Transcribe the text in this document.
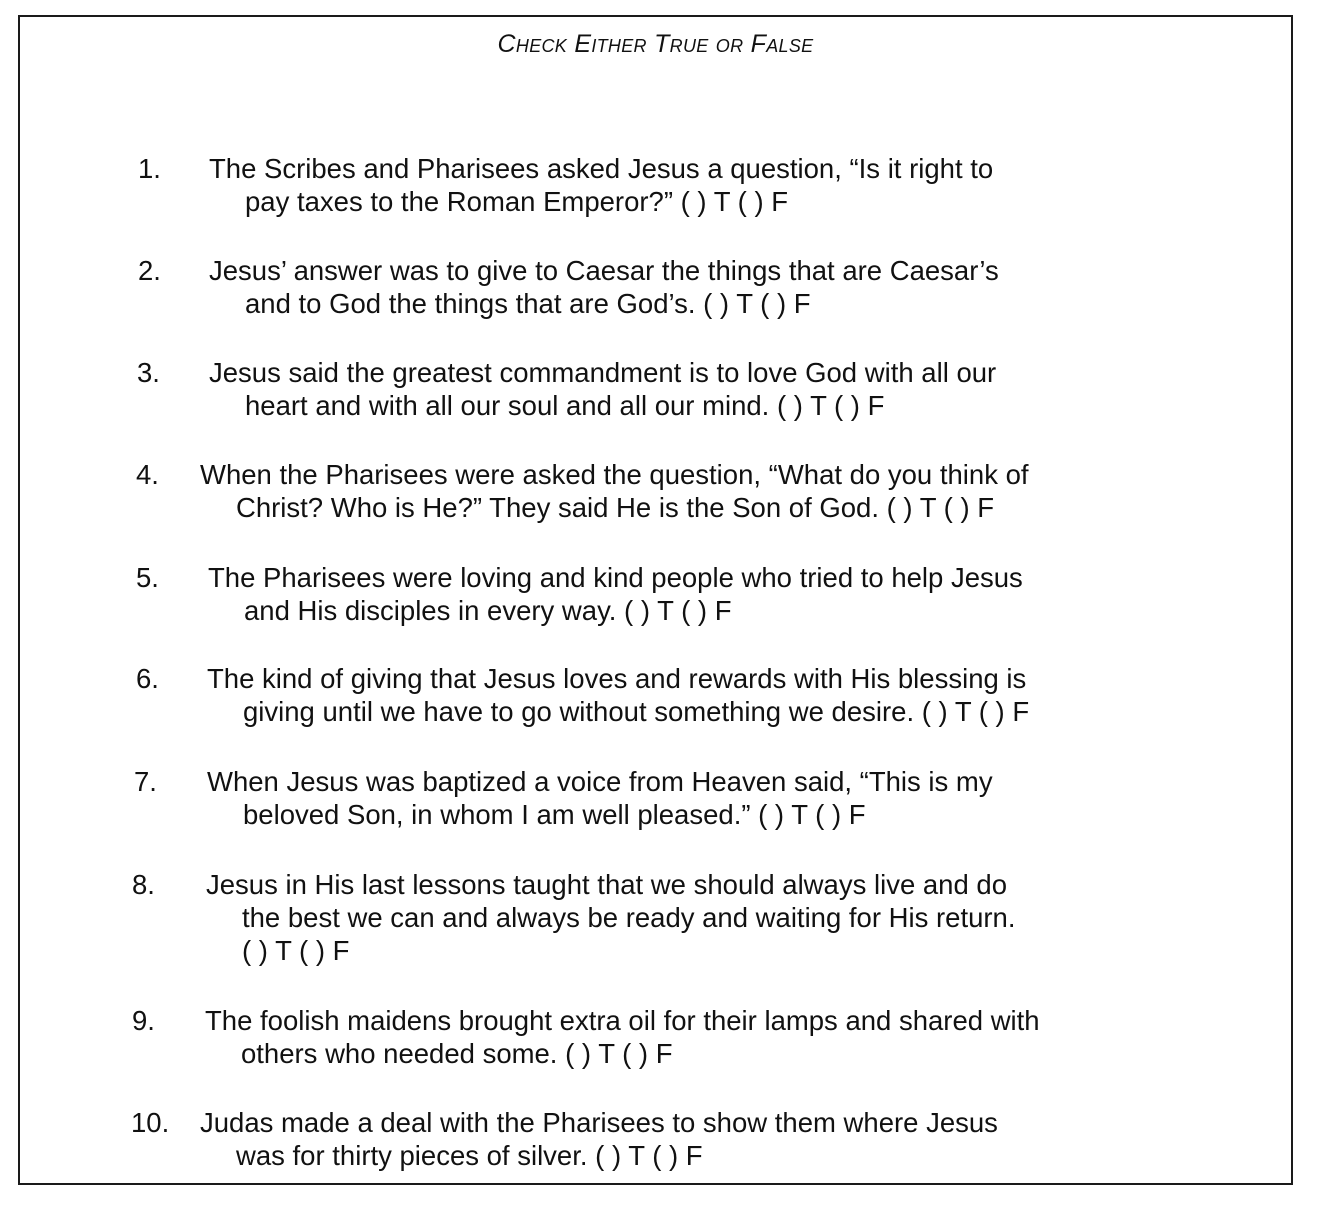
Check Either True or False
1. The Scribes and Pharisees asked Jesus a question, “Is it right to
pay taxes to the Roman Emperor?” ( ) T ( ) F
2. Jesus’ answer was to give to Caesar the things that are Caesar’s
and to God the things that are God’s. ( ) T ( ) F
3. Jesus said the greatest commandment is to love God with all our
heart and with all our soul and all our mind. ( ) T ( ) F
4. When the Pharisees were asked the question, “What do you think of
Christ? Who is He?” They said He is the Son of God. ( ) T ( ) F
5. The Pharisees were loving and kind people who tried to help Jesus
and His disciples in every way. ( ) T ( ) F
6. The kind of giving that Jesus loves and rewards with His blessing is
giving until we have to go without something we desire. ( ) T ( ) F
7. When Jesus was baptized a voice from Heaven said, “This is my
beloved Son, in whom I am well pleased.” ( ) T ( ) F
8. Jesus in His last lessons taught that we should always live and do
the best we can and always be ready and waiting for His return.
( ) T ( ) F
9. The foolish maidens brought extra oil for their lamps and shared with
others who needed some. ( ) T ( ) F
10. Judas made a deal with the Pharisees to show them where Jesus
was for thirty pieces of silver. ( ) T ( ) F
